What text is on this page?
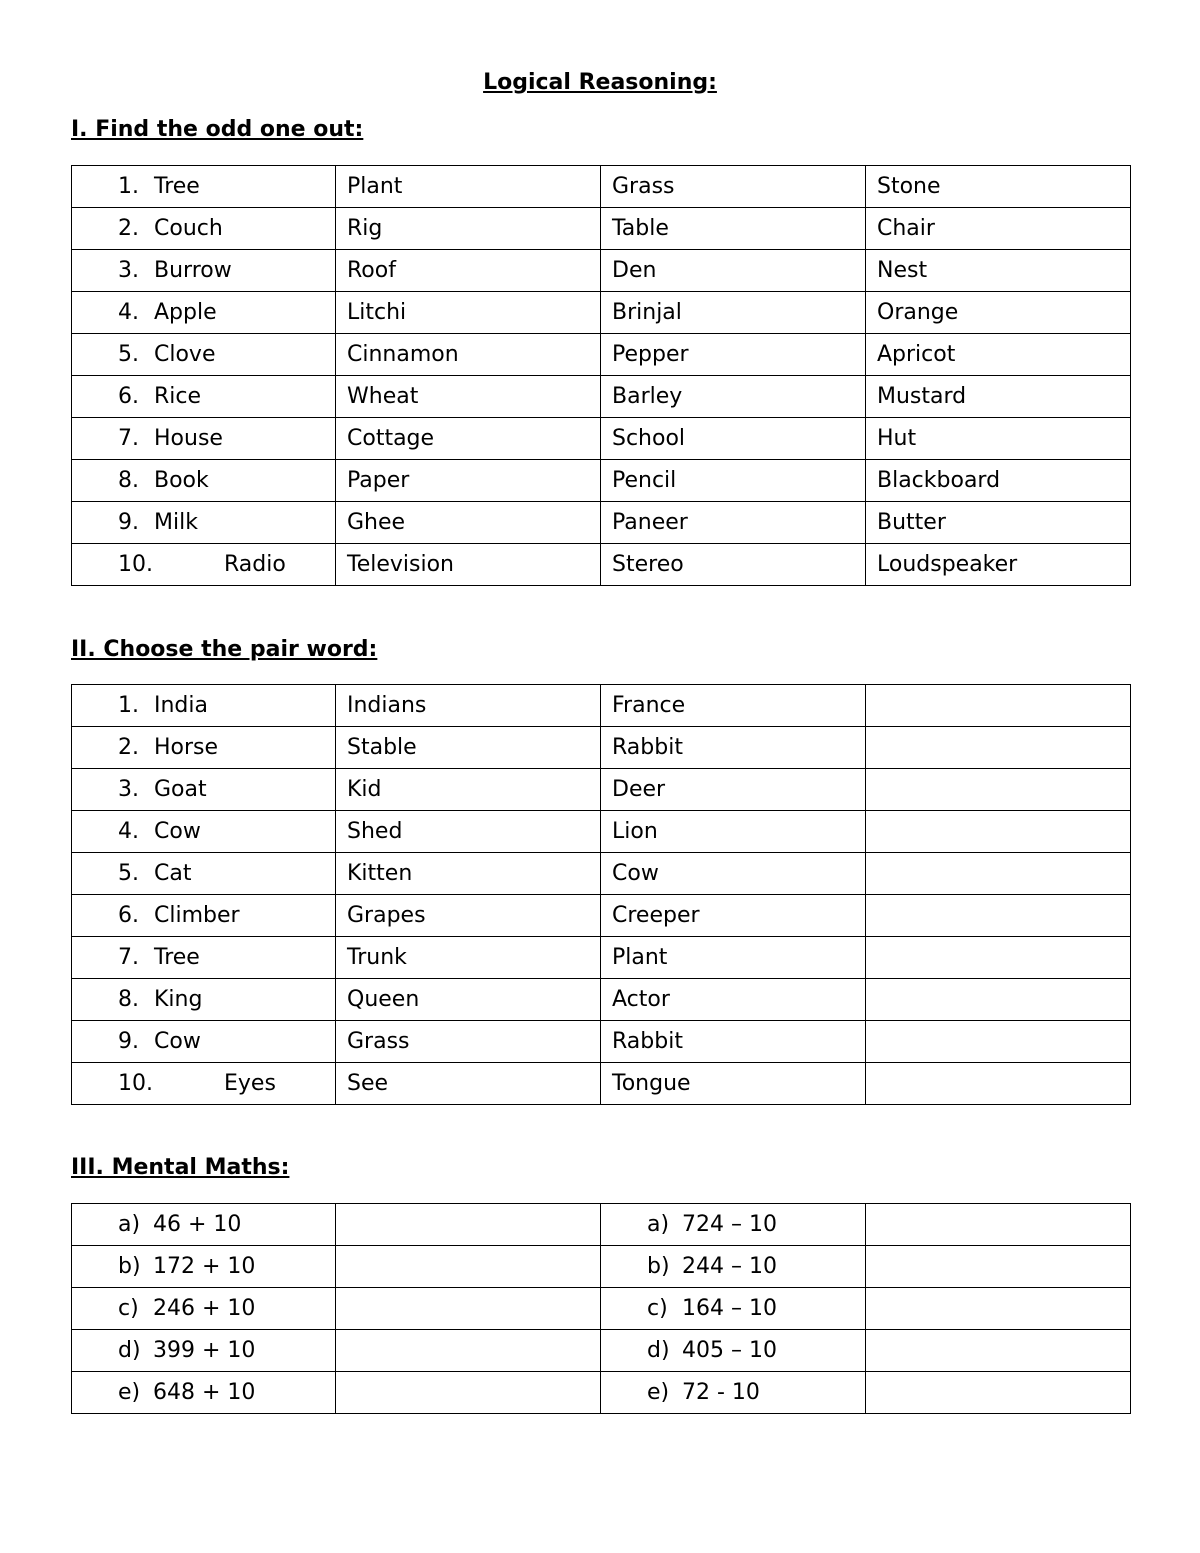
Logical Reasoning:
I. Find the odd one out:
1. Tree	Plant	Grass	Stone
2. Couch	Rig	Table	Chair
3. Burrow	Roof	Den	Nest
4. Apple	Litchi	Brinjal	Orange
5. Clove	Cinnamon	Pepper	Apricot
6. Rice	Wheat	Barley	Mustard
7. House	Cottage	School	Hut
8. Book	Paper	Pencil	Blackboard
9. Milk	Ghee	Paneer	Butter
10. Radio	Television	Stereo	Loudspeaker
II. Choose the pair word:
1. India	Indians	France	
2. Horse	Stable	Rabbit	
3. Goat	Kid	Deer	
4. Cow	Shed	Lion	
5. Cat	Kitten	Cow	
6. Climber	Grapes	Creeper	
7. Tree	Trunk	Plant	
8. King	Queen	Actor	
9. Cow	Grass	Rabbit	
10. Eyes	See	Tongue	
III. Mental Maths:
a) 46 + 10		a) 724 – 10	
b) 172 + 10		b) 244 – 10	
c) 246 + 10		c) 164 – 10	
d) 399 + 10		d) 405 – 10	
e) 648 + 10		e) 72 - 10	
